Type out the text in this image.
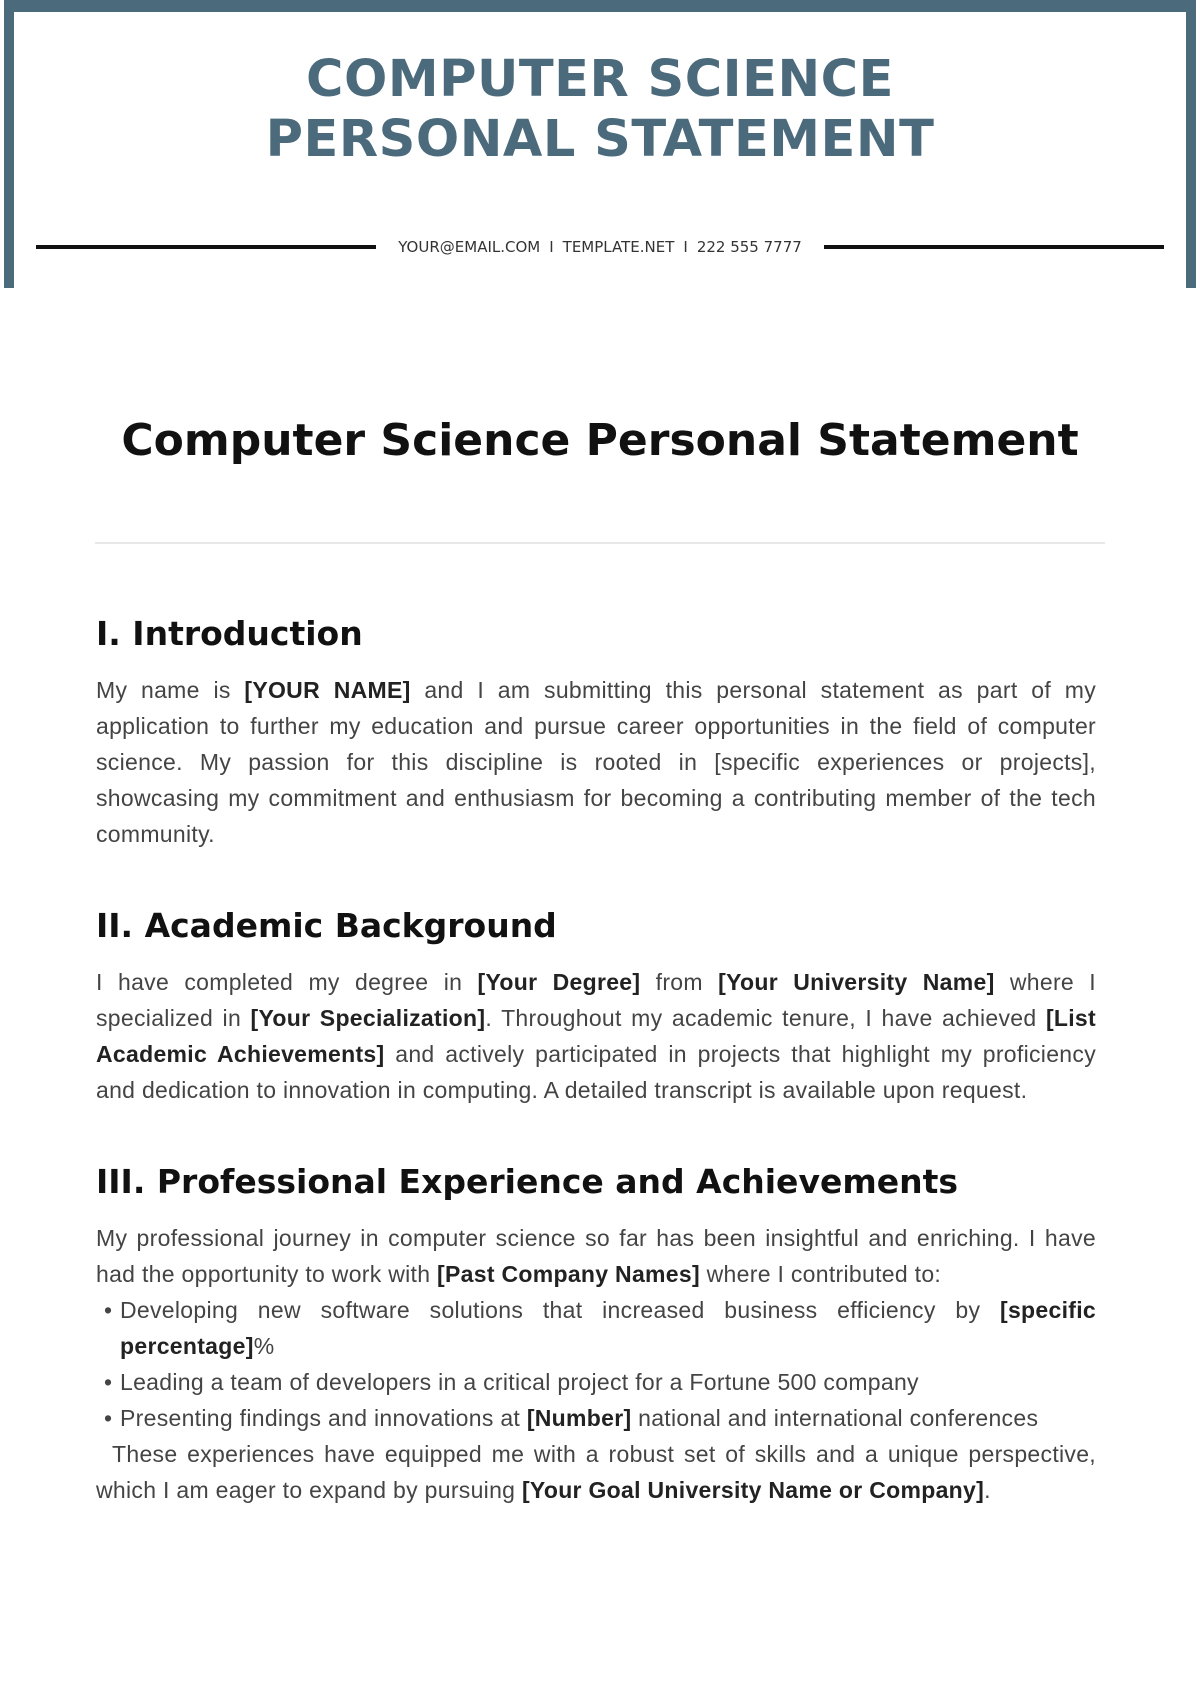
COMPUTER SCIENCE
PERSONAL STATEMENT
YOUR@EMAIL.COM I TEMPLATE.NET I 222 555 7777
Computer Science Personal Statement
I. Introduction

My name is [YOUR NAME] and I am submitting this personal statement as part of my application to further my education and pursue career opportunities in the field of computer science. My passion for this discipline is rooted in [specific experiences or projects], showcasing my commitment and enthusiasm for becoming a contributing member of the tech community.

II. Academic Background

I have completed my degree in [Your Degree] from [Your University Name] where I specialized in [Your Specialization]. Throughout my academic tenure, I have achieved [List Academic Achievements] and actively participated in projects that highlight my proficiency and dedication to innovation in computing. A detailed transcript is available upon request.

III. Professional Experience and Achievements

My professional journey in computer science so far has been insightful and enriching. I have had the opportunity to work with [Past Company Names] where I contributed to:

• Developing new software solutions that increased business efficiency by [specific percentage]%
• Leading a team of developers in a critical project for a Fortune 500 company
• Presenting findings and innovations at [Number] national and international conferences

These experiences have equipped me with a robust set of skills and a unique perspective, which I am eager to expand by pursuing [Your Goal University Name or Company].
